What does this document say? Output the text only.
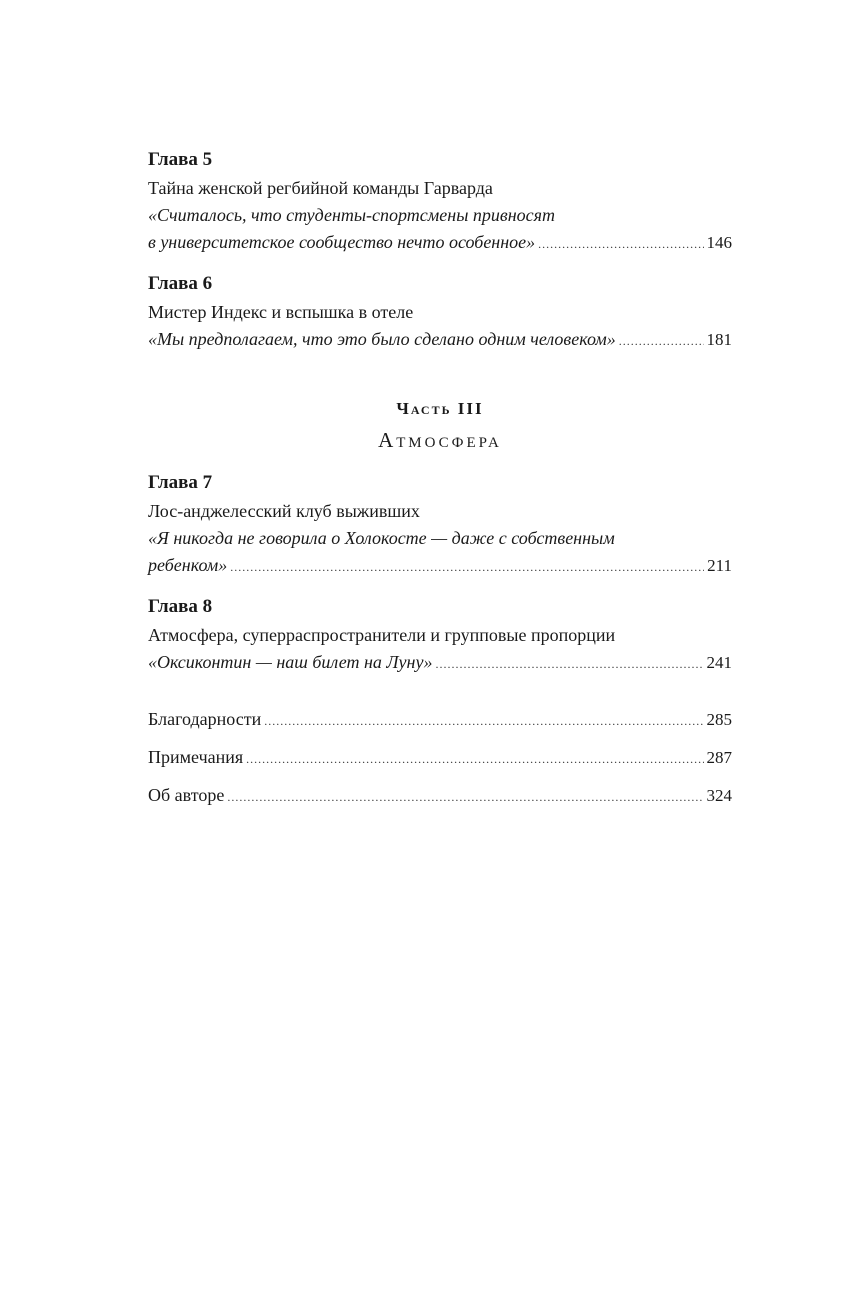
Глава 5
Тайна женской регбийной команды Гарварда
«Считалось, что студенты-спортсмены привносят
в университетское сообщество нечто особенное» .....	146
Глава 6
Мистер Индекс и вспышка в отеле
«Мы предполагаем, что это было сделано одним человеком» .....	181
Часть III
Атмосфера
Глава 7
Лос-анджелесский клуб выживших
«Я никогда не говорила о Холокосте — даже с собственным
ребенком» .....	211
Глава 8
Атмосфера, суперраспространители и групповые пропорции
«Оксиконтин — наш билет на Луну» .....	241
Благодарности .....	285
Примечания .....	287
Об авторе .....	324
